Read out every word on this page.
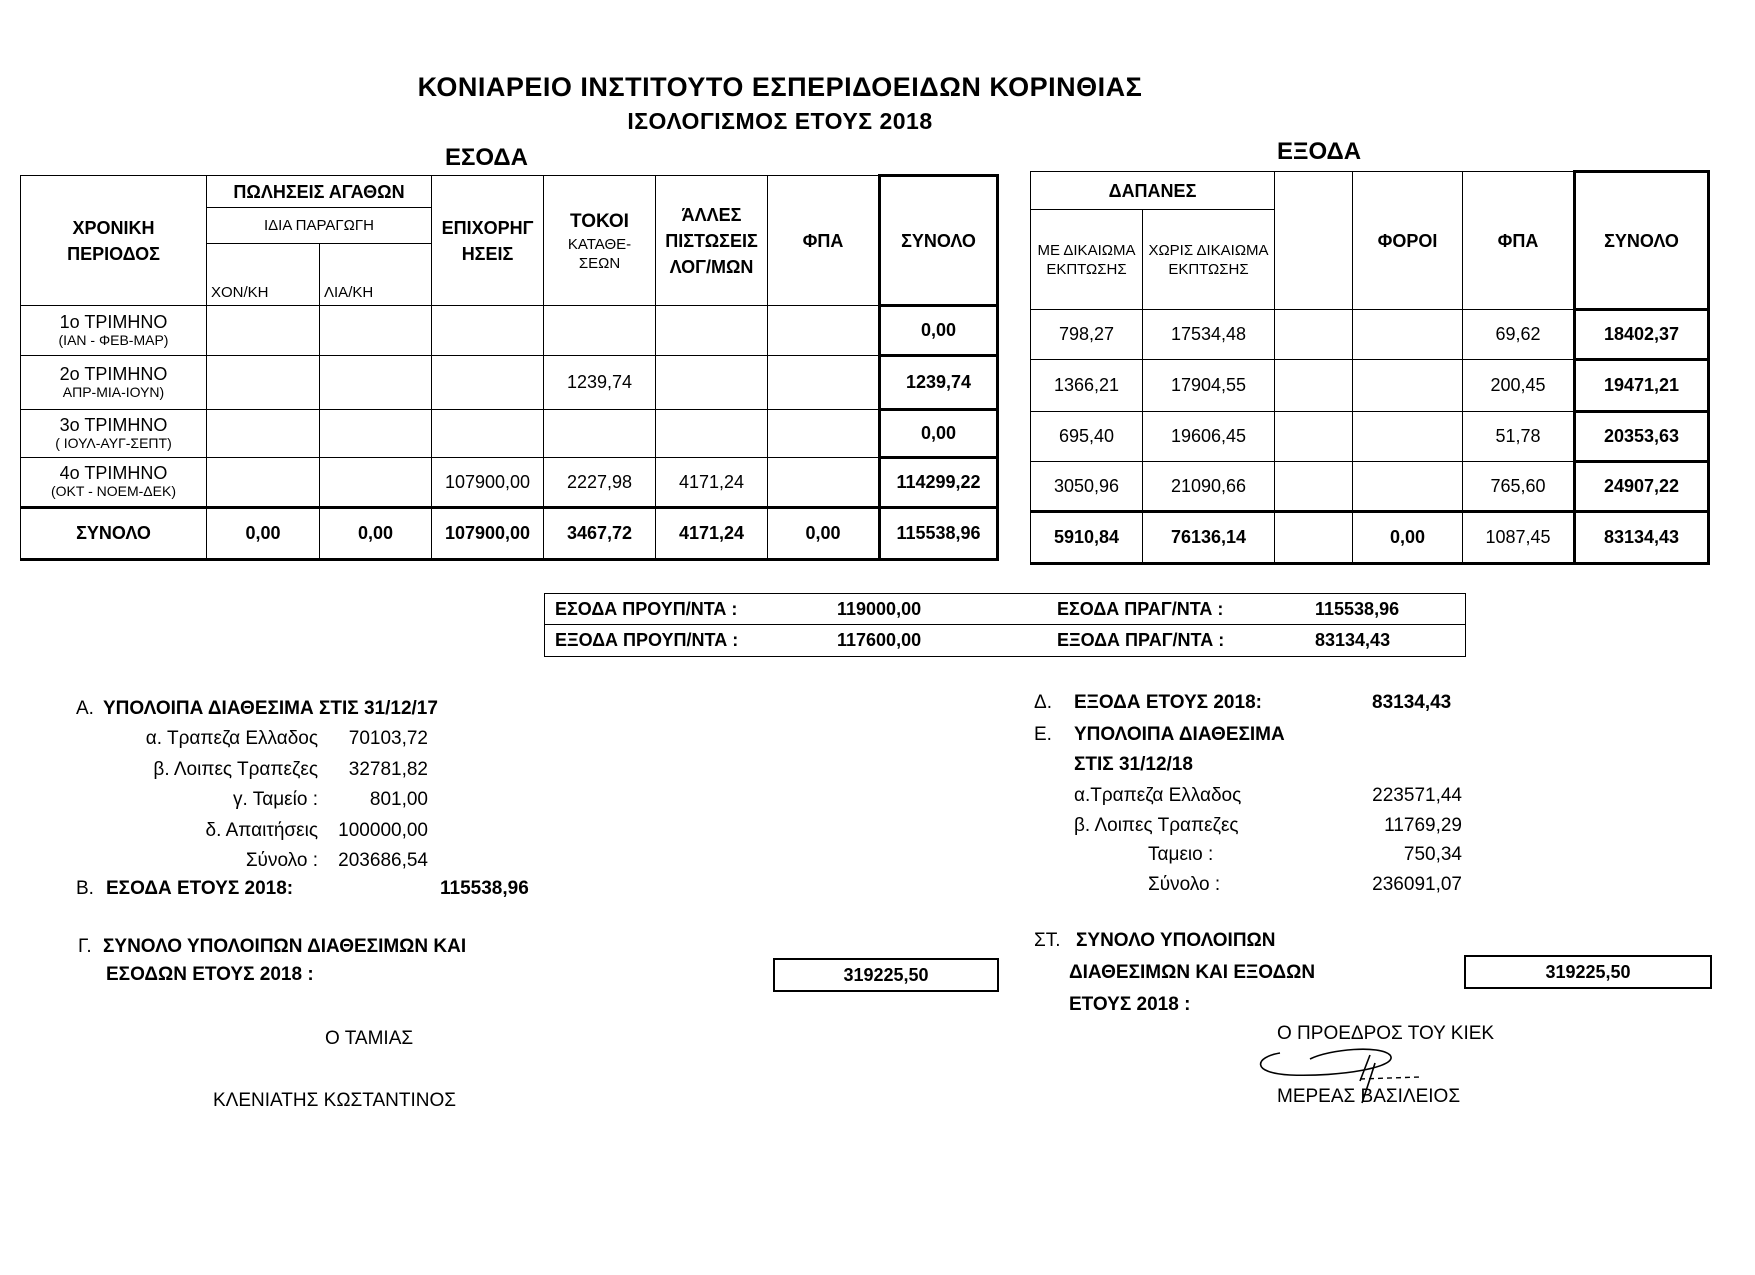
ΚΟΝΙΑΡΕΙΟ ΙΝΣΤΙΤΟΥΤΟ ΕΣΠΕΡΙΔΟΕΙΔΩΝ ΚΟΡΙΝΘΙΑΣ
ΙΣΟΛΟΓΙΣΜΟΣ ΕΤΟΥΣ 2018
ΕΣΟΔΑ	ΕΞΟΔΑ
ΧΡΟΝΙΚΗ ΠΕΡΙΟΔΟΣ	ΠΩΛΗΣΕΙΣ ΑΓΑΘΩΝ		ΕΠΙΧΟΡΗΓΗΣΕΙΣ	ΤΟΚΟΙ
ΚΑΤΑΘΕ-ΣΕΩΝ	ΆΛΛΕΣ ΠΙΣΤΩΣΕΙΣ ΛΟΓ/ΜΩΝ	ΦΠΑ	ΣΥΝΟΛΟ
	ΙΔΙΑ ΠΑΡΑΓΩΓΗ						
	ΧΟΝ/ΚΗ	ΛΙΑ/ΚΗ					

1ο ΤΡΙΜΗΝΟ
(ΙΑΝ - ΦΕΒ-ΜΑΡ)							0,00

2ο ΤΡΙΜΗΝΟ
ΑΠΡ-ΜΙΑ-ΙΟΥΝ)				1239,74			1239,74

3ο ΤΡΙΜΗΝΟ
( ΙΟΥΛ-ΑΥΓ-ΣΕΠΤ)							0,00

4ο ΤΡΙΜΗΝΟ
(ΟΚΤ - ΝΟΕΜ-ΔΕΚ)			107900,00	2227,98	4171,24		114299,22
ΣΥΝΟΛΟ	0,00	0,00	107900,00	3467,72	4171,24	0,00	115538,96
ΔΑΠΑΝΕΣ			ΦΟΡΟΙ	ΦΠΑ	ΣΥΝΟΛΟ

ΜΕ ΔΙΚΑΙΩΜΑ ΕΚΠΤΩΣΗΣ	ΧΩΡΙΣ ΔΙΚΑΙΩΜΑ ΕΚΠΤΩΣΗΣ				

798,27	17534,48			69,62	18402,37
1366,21	17904,55			200,45	19471,21
695,40	19606,45			51,78	20353,63
3050,96	21090,66			765,60	24907,22
5910,84	76136,14		0,00	1087,45	83134,43
ΕΣΟΔΑ ΠΡΟΥΠ/ΝΤΑ :	119000,00	ΕΣΟΔΑ ΠΡΑΓ/ΝΤΑ :	115538,96
ΕΞΟΔΑ ΠΡΟΥΠ/ΝΤΑ :	117600,00	ΕΞΟΔΑ ΠΡΑΓ/ΝΤΑ :	83134,43
Α. ΥΠΟΛΟΙΠΑ ΔΙΑΘΕΣΙΜΑ ΣΤΙΣ 31/12/17
α. Τραπεζα Ελλαδος 70103,72
β. Λοιπες Τραπεζες 32781,82
γ. Ταμείο :	801,00
δ. Απαιτήσεις 100000,00
Σύνολο : 203686,54
Β. ΕΣΟΔΑ ΕΤΟΥΣ 2018:	115538,96
Γ. ΣΥΝΟΛΟ ΥΠΟΛΟΙΠΩΝ ΔΙΑΘΕΣΙΜΩΝ ΚΑΙ
ΕΣΟΔΩΝ ΕΤΟΥΣ 2018 :	319225,50
Ο ΤΑΜΙΑΣ
ΚΛΕΝΙΑΤΗΣ ΚΩΣΤΑΝΤΙΝΟΣ
Δ. ΕΞΟΔΑ ΕΤΟΥΣ 2018:	83134,43
Ε. ΥΠΟΛΟΙΠΑ ΔΙΑΘΕΣΙΜΑ
ΣΤΙΣ 31/12/18
α.Τραπεζα Ελλαδος	223571,44
β. Λοιπες Τραπεζες	11769,29
Ταμειο :	750,34
Σύνολο :	236091,07
ΣΤ. ΣΥΝΟΛΟ ΥΠΟΛΟΙΠΩΝ
ΔΙΑΘΕΣΙΜΩΝ ΚΑΙ ΕΞΟΔΩΝ
ΕΤΟΥΣ 2018 :
319225,50
Ο ΠΡΟΕΔΡΟΣ ΤΟΥ ΚΙΕΚ
ΜΕΡΕΑΣ ΒΑΣΙΛΕΙΟΣ
